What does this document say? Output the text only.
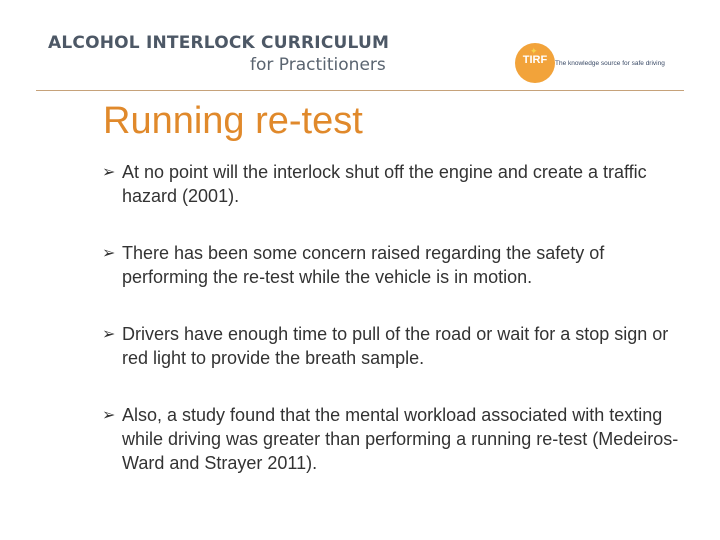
ALCOHOL INTERLOCK CURRICULUM
for Practitioners
✦
TIRF	The knowledge source for safe driving
Running re-test
➢ At no point will the interlock shut off the engine and create a traffic hazard (2001).
➢ There has been some concern raised regarding the safety of performing the re-test while the vehicle is in motion.
➢ Drivers have enough time to pull of the road or wait for a stop sign or red light to provide the breath sample.
➢ Also, a study found that the mental workload associated with texting while driving was greater than performing a running re-test (Medeiros-Ward and Strayer 2011).
